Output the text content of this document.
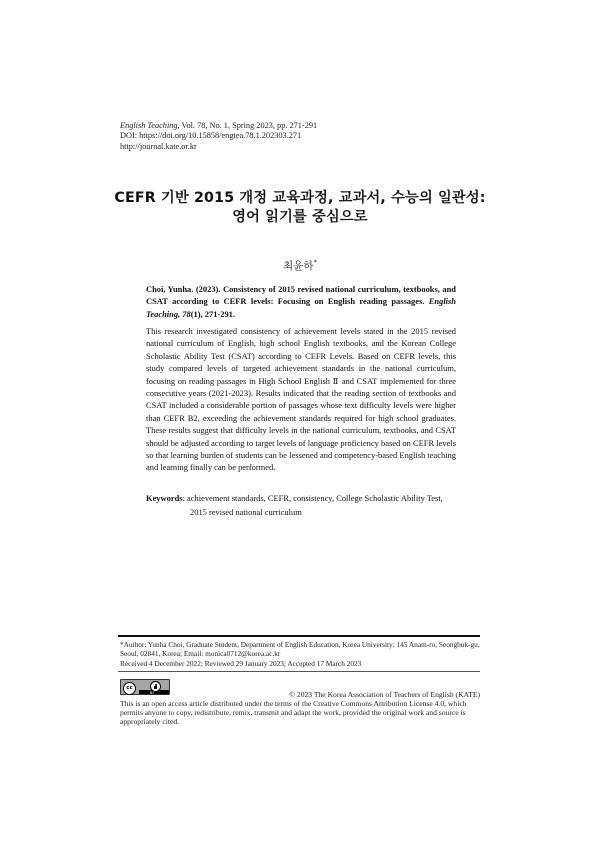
English Teaching, Vol. 78, No. 1, Spring 2023, pp. 271-291
DOI: https://doi.org/10.15858/engtea.78.1.202303.271
http://journal.kate.or.kr
CEFR 기반 2015 개정 교육과정, 교과서, 수능의 일관성:
영어 읽기를 중심으로
최윤하*
Choi, Yunha. (2023). Consistency of 2015 revised national curriculum, textbooks, and CSAT according to CEFR levels: Focusing on English reading passages. English Teaching, 78(1), 271-291.
This research investigated consistency of achievement levels stated in the 2015 revised national curriculum of English, high school English textbooks, and the Korean College Scholastic Ability Test (CSAT) according to CEFR Levels. Based on CEFR levels, this study compared levels of targeted achievement standards in the national curriculum, focusing on reading passages in High School English Ⅱ and CSAT implemented for three consecutive years (2021-2023). Results indicated that the reading section of textbooks and CSAT included a considerable portion of passages whose text difficulty levels were higher than CEFR B2, exceeding the achievement standards required for high school graduates. These results suggest that difficulty levels in the national curriculum, textbooks, and CSAT should be adjusted according to target levels of language proficiency based on CEFR levels so that learning burden of students can be lessened and competency-based English teaching and learning finally can be performed.
Keywords: achievement standards, CEFR, consistency, College Scholastic Ability Test,
2015 revised national curriculum
*Author: Yunha Choi, Graduate Student, Department of English Education, Korea University; 145 Anam-ro, Seongbuk-gu, Seoul, 02841, Korea; Email: monica0712@korea.ac.kr
Received 4 December 2022; Reviewed 29 January 2023; Accepted 17 March 2023
cc
BY	© 2023 The Korea Association of Teachers of English (KATE)
This is an open access article distributed under the terms of the Creative Commons Attribution License 4.0, which permits anyone to copy, redistribute, remix, transmit and adapt the work, provided the original work and source is appropriately cited.
